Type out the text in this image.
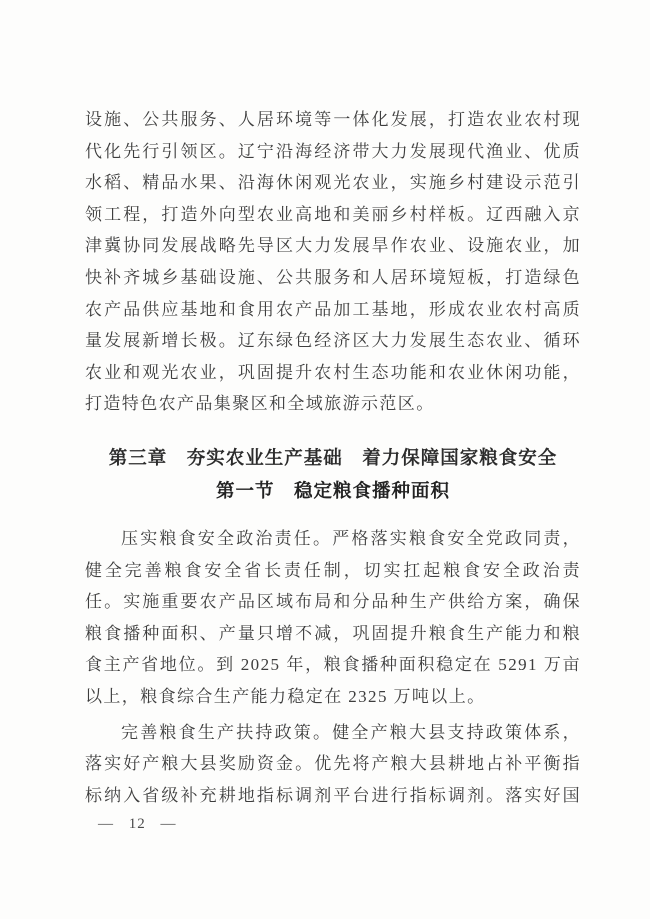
设施、公共服务、人居环境等一体化发展，打造农业农村现
代化先行引领区。辽宁沿海经济带大力发展现代渔业、优质
水稻、精品水果、沿海休闲观光农业，实施乡村建设示范引
领工程，打造外向型农业高地和美丽乡村样板。辽西融入京
津冀协同发展战略先导区大力发展旱作农业、设施农业，加
快补齐城乡基础设施、公共服务和人居环境短板，打造绿色
农产品供应基地和食用农产品加工基地，形成农业农村高质
量发展新增长极。辽东绿色经济区大力发展生态农业、循环
农业和观光农业，巩固提升农村生态功能和农业休闲功能，
打造特色农产品集聚区和全域旅游示范区。
第三章　夯实农业生产基础　着力保障国家粮食安全
第一节　稳定粮食播种面积
压实粮食安全政治责任。严格落实粮食安全党政同责，
健全完善粮食安全省长责任制，切实扛起粮食安全政治责
任。实施重要农产品区域布局和分品种生产供给方案，确保
粮食播种面积、产量只增不减，巩固提升粮食生产能力和粮
食主产省地位。到 2025 年，粮食播种面积稳定在 5291 万亩
以上，粮食综合生产能力稳定在 2325 万吨以上。
完善粮食生产扶持政策。健全产粮大县支持政策体系，
落实好产粮大县奖励资金。优先将产粮大县耕地占补平衡指
标纳入省级补充耕地指标调剂平台进行指标调剂。落实好国
— 12 —
